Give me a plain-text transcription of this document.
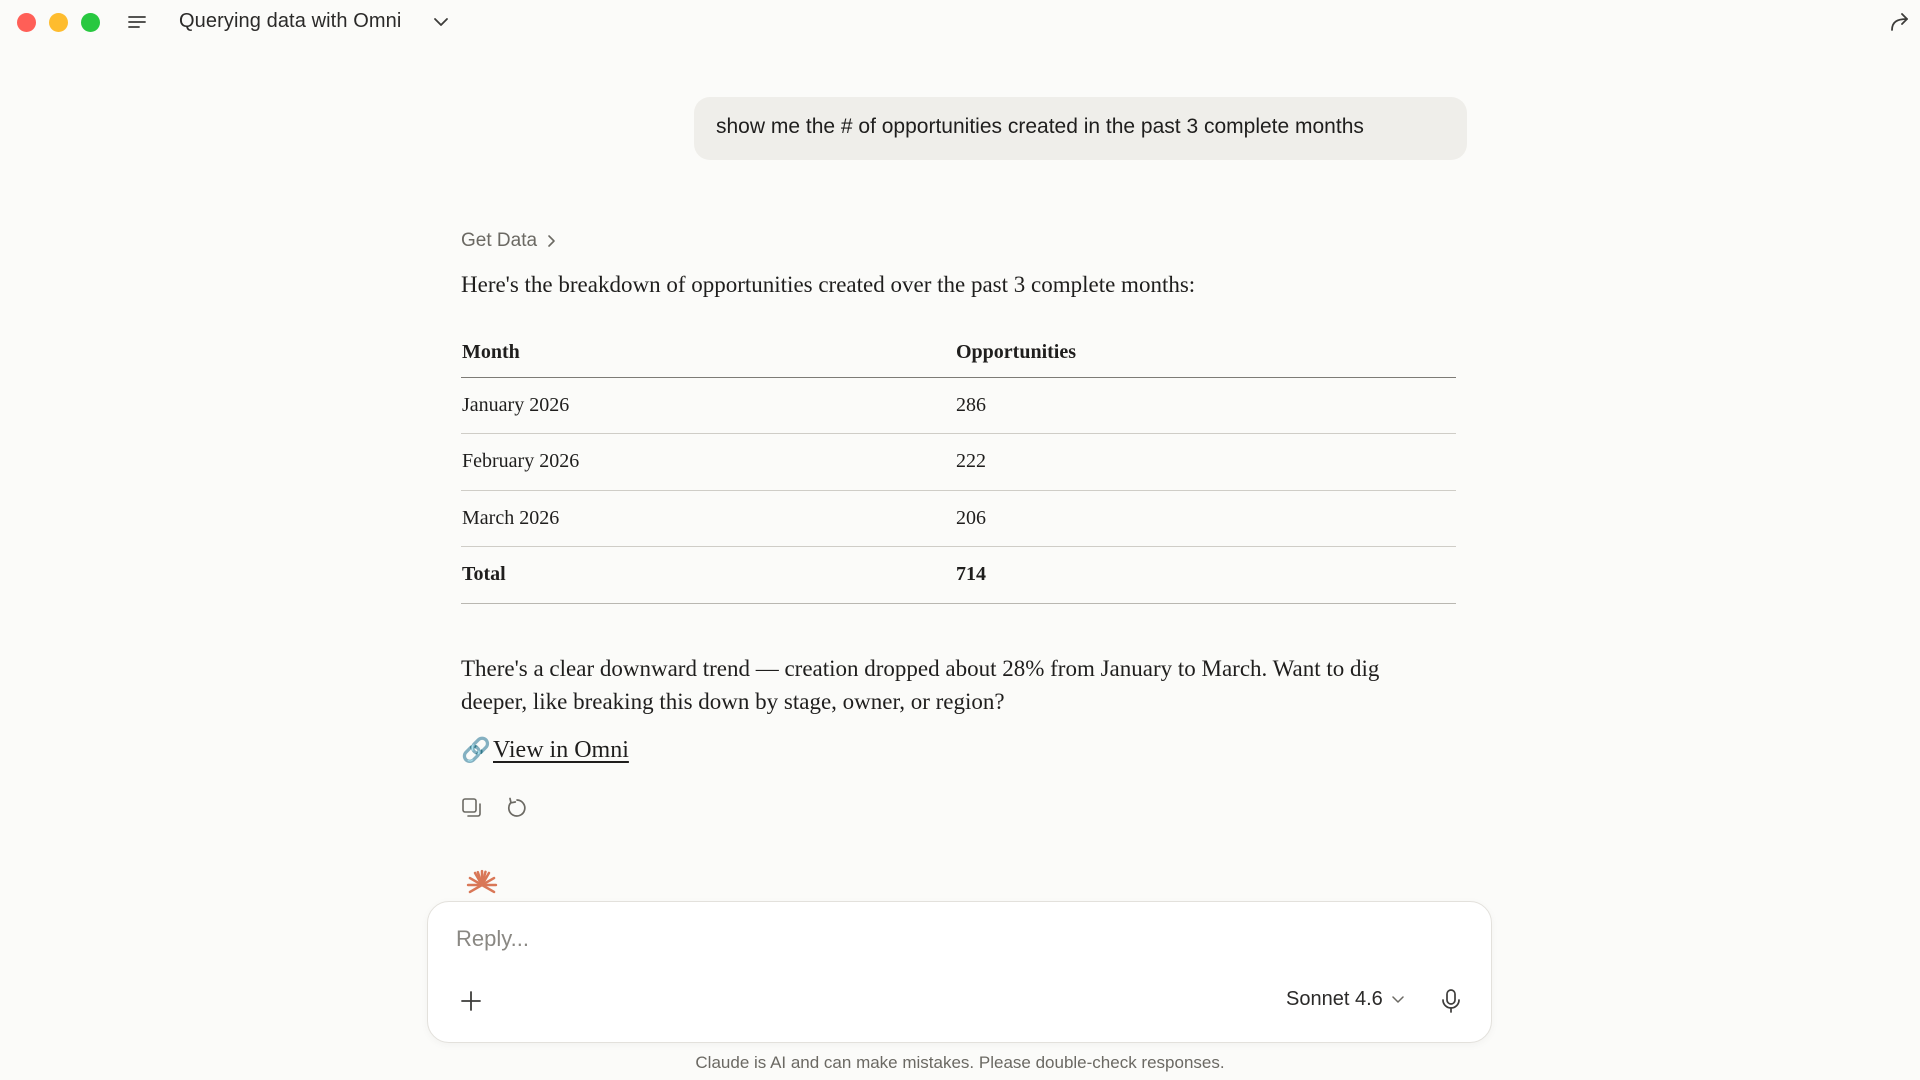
Querying data with Omni
show me the # of opportunities created in the past 3 complete months
Get Data
Here's the breakdown of opportunities created over the past 3 complete months:
Month	Opportunities
January 2026	286
February 2026	222
March 2026	206
Total	714
There's a clear downward trend — creation dropped about 28% from January to March. Want to dig deeper, like breaking this down by stage, owner, or region?
🔗 View in Omni
Reply...
Sonnet 4.6
Claude is AI and can make mistakes. Please double-check responses.
